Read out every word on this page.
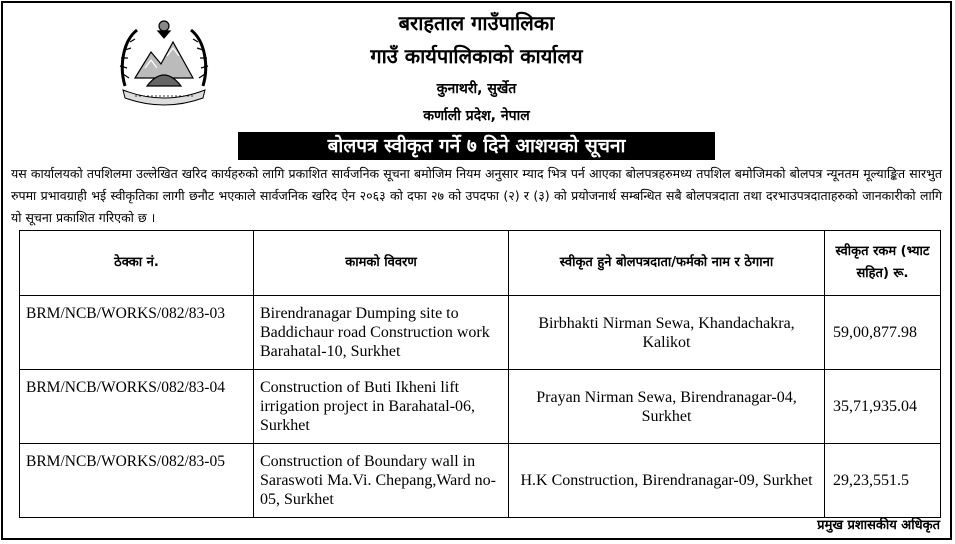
बराहताल गाउँपालिका
गाउँ कार्यपालिकाको कार्यालय
कुनाथरी, सुर्खेत
कर्णाली प्रदेश, नेपाल
बोलपत्र स्वीकृत गर्ने ७ दिने आशयको सूचना
यस कार्यालयको तपशिलमा उल्लेखित खरिद कार्यहरुको लागि प्रकाशित सार्वजनिक सूचना बमोजिम नियम अनुसार म्याद भित्र पर्न आएका बोलपत्रहरुमध्य तपशिल बमोजिमको बोलपत्र न्यूनतम मूल्याङ्कित सारभुत रुपमा प्रभावग्राही भई स्वीकृतिका लागी छनौट भएकाले सार्वजनिक खरिद ऐन २०६३ को दफा २७ को उपदफा (२) र (३) को प्रयोजनार्थ सम्बन्धित सबै बोलपत्रदाता तथा दरभाउपत्रदाताहरुको जानकारीको लागि यो सूचना प्रकाशित गरिएको छ ।
ठेक्का नं.	कामको विवरण	स्वीकृत हुने बोलपत्रदाता/फर्मको नाम र ठेगाना	स्वीकृत रकम (भ्याट सहित) रू.
BRM/NCB/WORKS/082/83-03	Birendranagar Dumping site to Baddichaur road Construction work Barahatal-10, Surkhet	Birbhakti Nirman Sewa, Khandachakra, Kalikot	59,00,877.98
BRM/NCB/WORKS/082/83-04	Construction of Buti Ikheni lift irrigation project in Barahatal-06, Surkhet	Prayan Nirman Sewa, Birendranagar-04, Surkhet	35,71,935.04
BRM/NCB/WORKS/082/83-05	Construction of Boundary wall in Saraswoti Ma.Vi. Chepang,Ward no-05, Surkhet	H.K Construction, Birendranagar-09, Surkhet	29,23,551.5
प्रमुख प्रशासकीय अधिकृत
